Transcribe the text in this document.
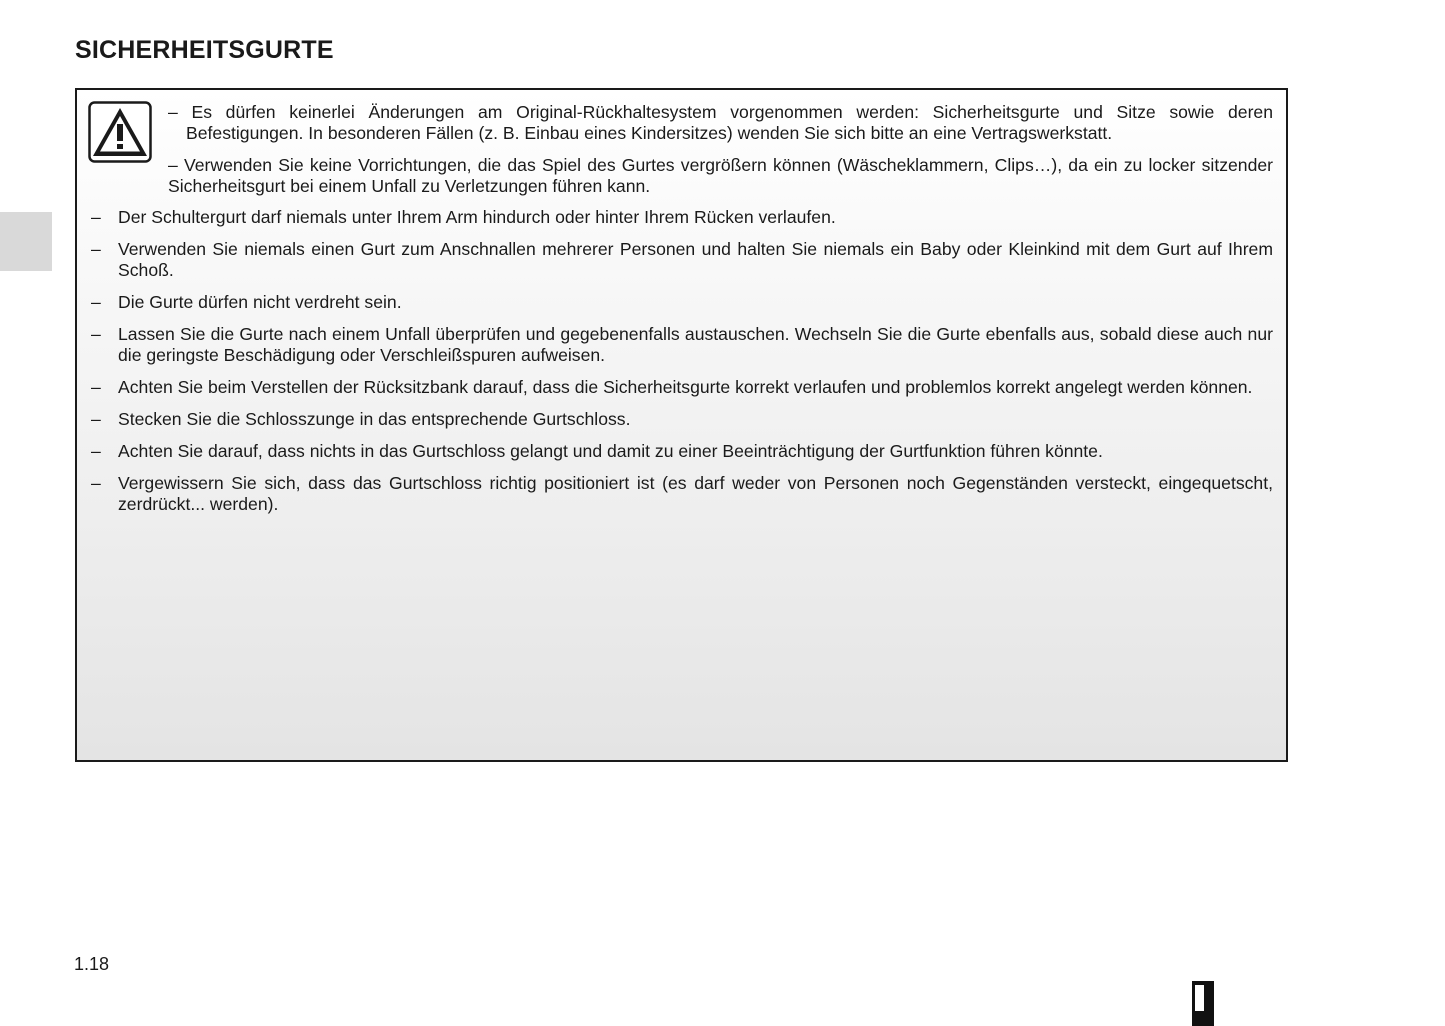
SICHERHEITSGURTE

– Es dürfen keinerlei Änderungen am Original-Rückhaltesystem vorgenommen werden: Sicherheitsgurte und Sitze sowie deren Befestigungen. In besonderen Fällen (z. B. Einbau eines Kindersitzes) wenden Sie sich bitte an eine Vertragswerkstatt.

– Verwenden Sie keine Vorrichtungen, die das Spiel des Gurtes vergrößern können (Wäscheklammern, Clips…), da ein zu locker sitzender Sicherheitsgurt bei einem Unfall zu Verletzungen führen kann.

– Der Schultergurt darf niemals unter Ihrem Arm hindurch oder hinter Ihrem Rücken verlaufen.
– Verwenden Sie niemals einen Gurt zum Anschnallen mehrerer Personen und halten Sie niemals ein Baby oder Kleinkind mit dem Gurt auf Ihrem Schoß.
– Die Gurte dürfen nicht verdreht sein.
– Lassen Sie die Gurte nach einem Unfall überprüfen und gegebenenfalls austauschen. Wechseln Sie die Gurte ebenfalls aus, sobald diese auch nur die geringste Beschädigung oder Verschleißspuren aufweisen.
– Achten Sie beim Verstellen der Rücksitzbank darauf, dass die Sicherheitsgurte korrekt verlaufen und problemlos korrekt angelegt werden können.
– Stecken Sie die Schlosszunge in das entsprechende Gurtschloss.
– Achten Sie darauf, dass nichts in das Gurtschloss gelangt und damit zu einer Beeinträchtigung der Gurtfunktion führen könnte.
– Vergewissern Sie sich, dass das Gurtschloss richtig positioniert ist (es darf weder von Personen noch Gegenständen versteckt, eingequetscht, zerdrückt... werden).
1.18
